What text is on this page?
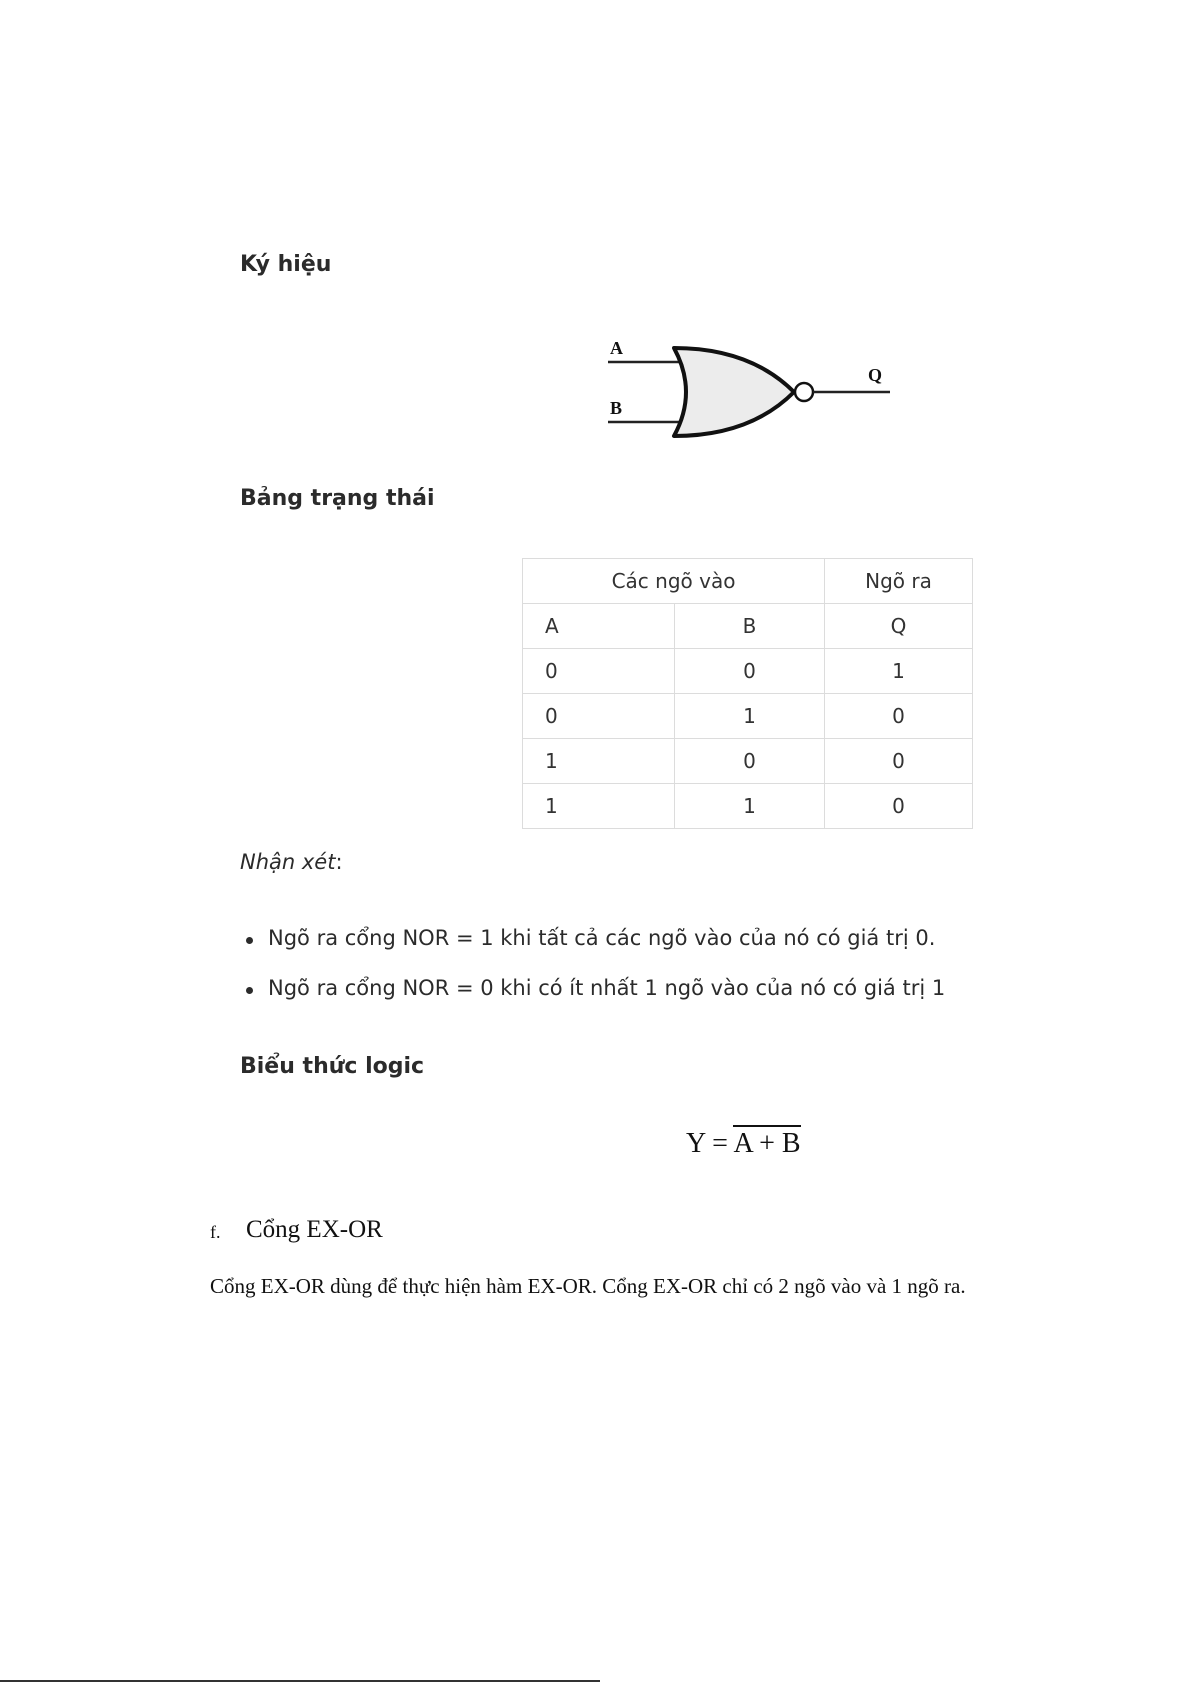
Ký hiệu
A
B
Q
Bảng trạng thái
Các ngõ vào		Ngõ ra
A	B	Q
0	0	1
0	1	0
1	0	0
1	1	0
Nhận xét:
Ngõ ra cổng NOR = 1 khi tất cả các ngõ vào của nó có giá trị 0.
Ngõ ra cổng NOR = 0 khi có ít nhất 1 ngõ vào của nó có giá trị 1
Biểu thức logic
Y = A + B
f. Cổng EX-OR
Cổng EX-OR dùng để thực hiện hàm EX-OR. Cổng EX-OR chỉ có 2 ngõ vào và 1 ngõ ra.
